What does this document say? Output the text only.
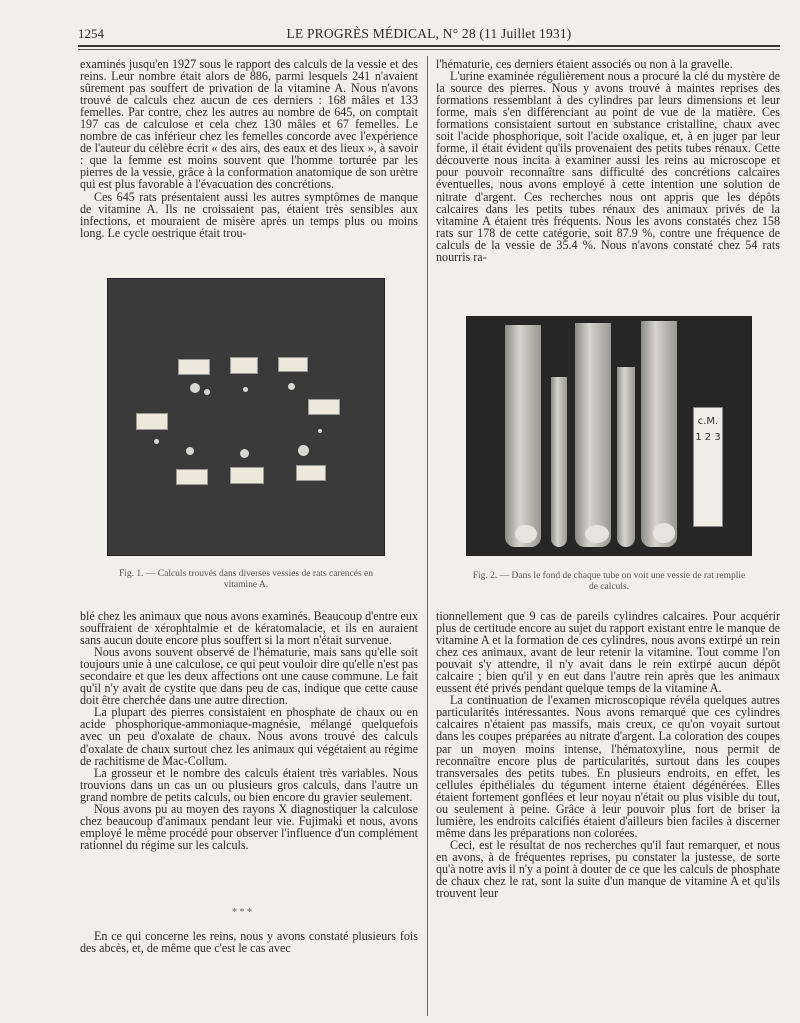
1254	LE PROGRÈS MÉDICAL, N° 28 (11 Juillet 1931)

examinés jusqu'en 1927 sous le rapport des calculs de la vessie et des reins. Leur nombre était alors de 886, parmi lesquels 241 n'avaient sûrement pas souffert de privation de la vitamine A. Nous n'avons trouvé de calculs chez aucun de ces derniers : 168 mâles et 133 femelles. Par contre, chez les autres au nombre de 645, on comptait 197 cas de calculose et cela chez 130 mâles et 67 femelles. Le nombre de cas inférieur chez les femelles concorde avec l'expérience de l'auteur du célèbre écrit « des airs, des eaux et des lieux », à savoir : que la femme est moins souvent que l'homme torturée par les pierres de la vessie, grâce à la conformation anatomique de son urètre qui est plus favorable à l'évacuation des concrétions.

Ces 645 rats présentaient aussi les autres symptômes de manque de vitamine A. Ils ne croissaient pas, étaient très sensibles aux infections, et mouraient de misère après un temps plus ou moins long. Le cycle oestrique était trou-

Fig. 1. — Calculs trouvés dans diverses vessies de rats carencés en vitamine A.

blé chez les animaux que nous avons examinés. Beaucoup d'entre eux souffraient de xérophtalmie et de kératomalacie, et ils en auraient sans aucun doute encore plus souffert si la mort n'était survenue.

Nous avons souvent observé de l'hématurie, mais sans qu'elle soit toujours unie à une calculose, ce qui peut vouloir dire qu'elle n'est pas secondaire et que les deux affections ont une cause commune. Le fait qu'il n'y avait de cystite que dans peu de cas, indique que cette cause doit être cherchée dans une autre direction.

La plupart des pierres consistaient en phosphate de chaux ou en acide phosphorique-ammoniaque-magnésie, mélangé quelquefois avec un peu d'oxalate de chaux. Nous avons trouvé des calculs d'oxalate de chaux surtout chez les animaux qui végétaient au régime de rachitisme de Mac-Collum.

La grosseur et le nombre des calculs étaient très variables. Nous trouvions dans un cas un ou plusieurs gros calculs, dans l'autre un grand nombre de petits calculs, ou bien encore du gravier seulement.

Nous avons pu au moyen des rayons X diagnostiquer la calculose chez beaucoup d'animaux pendant leur vie. Fujimaki et nous, avons employé le même procédé pour observer l'influence d'un complément rationnel du régime sur les calculs.

* * *

En ce qui concerne les reins, nous y avons constaté plusieurs fois des abcès, et, de même que c'est le cas avec

l'hématurie, ces derniers étaient associés ou non à la gravelle.

L'urine examinée régulièrement nous a procuré la clé du mystère de la source des pierres. Nous y avons trouvé à maintes reprises des formations ressemblant à des cylindres par leurs dimensions et leur forme, mais s'en différenciant au point de vue de la matière. Ces formations consistaient surtout en substance cristalline, chaux avec soit l'acide phosphorique, soit l'acide oxalique, et, à en juger par leur forme, il était évident qu'ils provenaient des petits tubes rénaux. Cette découverte nous incita à examiner aussi les reins au microscope et pour pouvoir reconnaître sans difficulté des concrétions calcaires éventuelles, nous avons employé à cette intention une solution de nitrate d'argent. Ces recherches nous ont appris que les dépôts calcaires dans les petits tubes rénaux des animaux privés de la vitamine A étaient très fréquents. Nous les avons constatés chez 158 rats sur 178 de cette catégorie, soit 87.9 %, contre une fréquence de calculs de la vessie de 35.4 %. Nous n'avons constaté chez 54 rats nourris ra-

c.M. 1 2 3
Fig. 2. — Dans le fond de chaque tube on voit une vessie de rat remplie de calculs.

tionnellement que 9 cas de pareils cylindres calcaires. Pour acquérir plus de certitude encore au sujet du rapport existant entre le manque de vitamine A et la formation de ces cylindres, nous avons extirpé un rein chez ces animaux, avant de leur retenir la vitamine. Tout comme l'on pouvait s'y attendre, il n'y avait dans le rein extirpé aucun dépôt calcaire ; bien qu'il y en eut dans l'autre rein après que les animaux eussent été privés pendant quelque temps de la vitamine A.

La continuation de l'examen microscopique révéla quelques autres particularités intéressantes. Nous avons remarqué que ces cylindres calcaires n'étaient pas massifs, mais creux, ce qu'on voyait surtout dans les coupes préparées au nitrate d'argent. La coloration des coupes par un moyen moins intense, l'hématoxyline, nous permit de reconnaître encore plus de particularités, surtout dans les coupes transversales des petits tubes. En plusieurs endroits, en effet, les cellules épithéliales du tégument interne étaient dégénérées. Elles étaient fortement gonflées et leur noyau n'était ou plus visible du tout, ou seulement à peine. Grâce à leur pouvoir plus fort de briser la lumière, les endroits calcifiés étaient d'ailleurs bien faciles à discerner même dans les préparations non colorées.

Ceci, est le résultat de nos recherches qu'il faut remarquer, et nous en avons, à de fréquentes reprises, pu constater la justesse, de sorte qu'à notre avis il n'y a point à douter de ce que les calculs de phosphate de chaux chez le rat, sont la suite d'un manque de vitamine A et qu'ils trouvent leur
